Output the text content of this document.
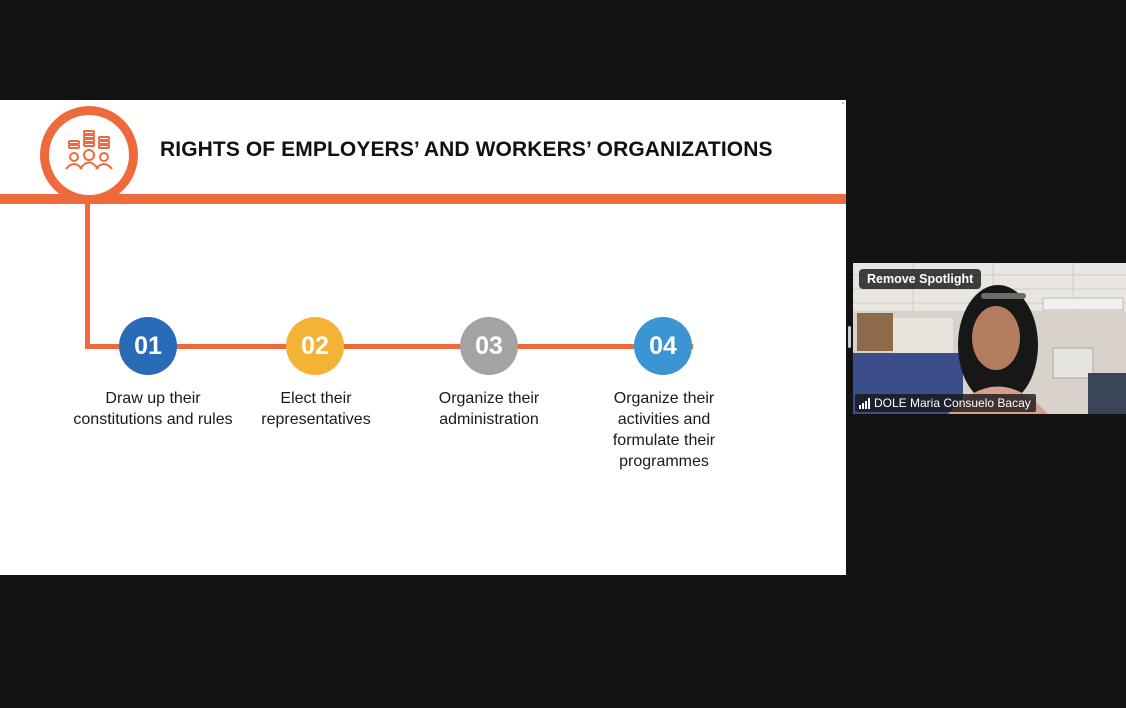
▪
RIGHTS OF EMPLOYERS’ AND WORKERS’ ORGANIZATIONS
01
Draw up their constitutions and rules
02
Elect their representatives
03
Organize their administration
04
Organize their activities and formulate their programmes
Remove Spotlight
DOLE Maria Consuelo Bacay
